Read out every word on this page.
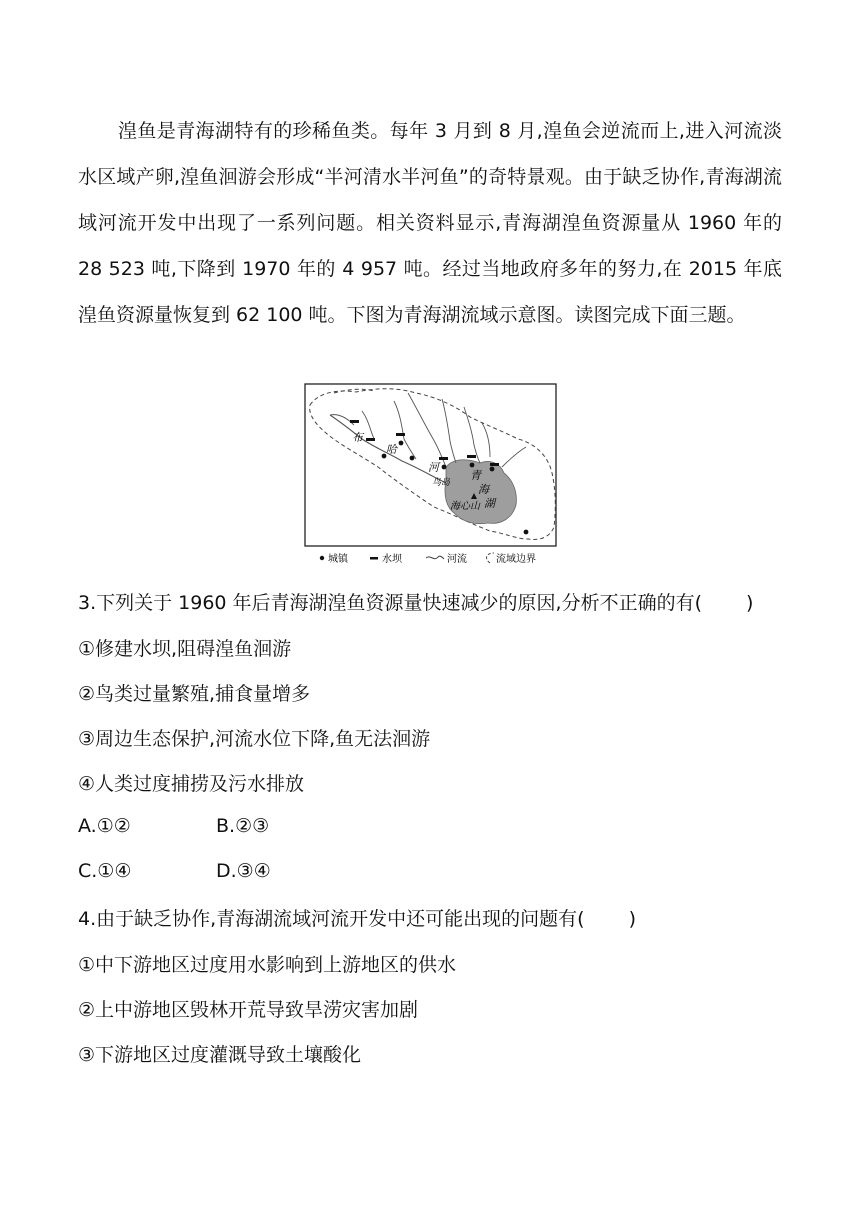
湟鱼是青海湖特有的珍稀鱼类。每年 3 月到 8 月,湟鱼会逆流而上,进入河流淡水区域产卵,湟鱼洄游会形成“半河清水半河鱼”的奇特景观。由于缺乏协作,青海湖流域河流开发中出现了一系列问题。相关资料显示,青海湖湟鱼资源量从 1960 年的 28 523 吨,下降到 1970 年的 4 957 吨。经过当地政府多年的努力,在 2015 年底湟鱼资源量恢复到 62 100 吨。下图为青海湖流域示意图。读图完成下面三题。

布
哈
河
青
海
湖
鸟岛
海心山
城镇	水坝	河流	流域边界
3.下列关于 1960 年后青海湖湟鱼资源量快速减少的原因,分析不正确的有( )
①修建水坝,阻碍湟鱼洄游
②鸟类过量繁殖,捕食量增多
③周边生态保护,河流水位下降,鱼无法洄游
④人类过度捕捞及污水排放
A.①②	B.②③
C.①④	D.③④
4.由于缺乏协作,青海湖流域河流开发中还可能出现的问题有( )
①中下游地区过度用水影响到上游地区的供水
②上中游地区毁林开荒导致旱涝灾害加剧
③下游地区过度灌溉导致土壤酸化
